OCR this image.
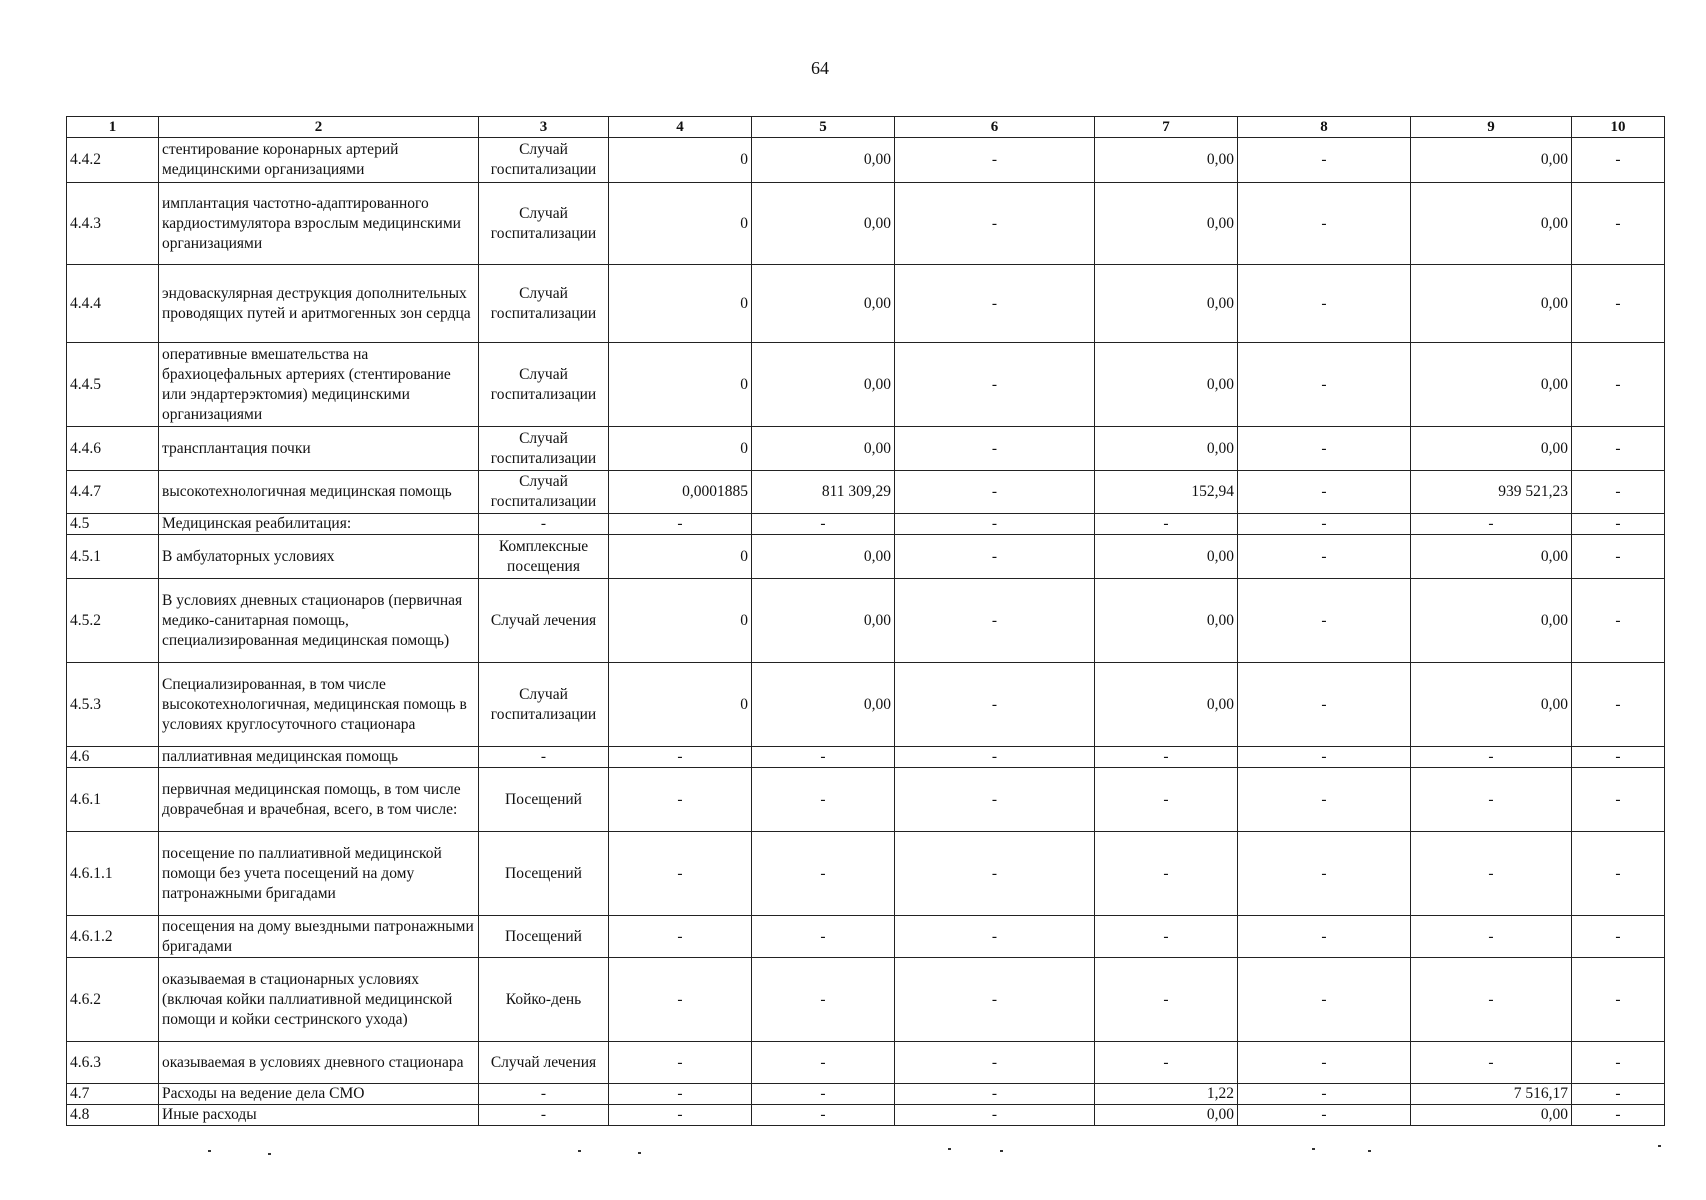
64
1	2	3	4	5	6	7	8	9	10
4.4.2	стентирование коронарных артерий медицинскими организациями	Случай госпитализации	0	0,00	-	0,00	-	0,00	-
4.4.3	имплантация частотно-адаптированного кардиостимулятора взрослым медицинскими организациями	Случай госпитализации	0	0,00	-	0,00	-	0,00	-
4.4.4	эндоваскулярная деструкция дополнительных проводящих путей и аритмогенных зон сердца	Случай госпитализации	0	0,00	-	0,00	-	0,00	-
4.4.5	оперативные вмешательства на брахиоцефальных артериях (стентирование или эндартерэктомия) медицинскими организациями	Случай госпитализации	0	0,00	-	0,00	-	0,00	-
4.4.6	трансплантация почки	Случай госпитализации	0	0,00	-	0,00	-	0,00	-
4.4.7	высокотехнологичная медицинская помощь	Случай госпитализации	0,0001885	811 309,29	-	152,94	-	939 521,23	-
4.5	Медицинская реабилитация:	-	-	-	-	-	-	-	-
4.5.1	В амбулаторных условиях	Комплексные посещения	0	0,00	-	0,00	-	0,00	-
4.5.2	В условиях дневных стационаров (первичная медико-санитарная помощь, специализированная медицинская помощь)	Случай лечения	0	0,00	-	0,00	-	0,00	-
4.5.3	Специализированная, в том числе высокотехнологичная, медицинская помощь в условиях круглосуточного стационара	Случай госпитализации	0	0,00	-	0,00	-	0,00	-
4.6	паллиативная медицинская помощь	-	-	-	-	-	-	-	-
4.6.1	первичная медицинская помощь, в том числе доврачебная и врачебная, всего, в том числе:	Посещений	-	-	-	-	-	-	-
4.6.1.1	посещение по паллиативной медицинской помощи без учета посещений на дому патронажными бригадами	Посещений	-	-	-	-	-	-	-
4.6.1.2	посещения на дому выездными патронажными бригадами	Посещений	-	-	-	-	-	-	-
4.6.2	оказываемая в стационарных условиях (включая койки паллиативной медицинской помощи и койки сестринского ухода)	Койко-день	-	-	-	-	-	-	-
4.6.3	оказываемая в условиях дневного стационара	Случай лечения	-	-	-	-	-	-	-
4.7	Расходы на ведение дела СМО	-	-	-	-	1,22	-	7 516,17	-
4.8	Иные расходы	-	-	-	-	0,00	-	0,00	-
